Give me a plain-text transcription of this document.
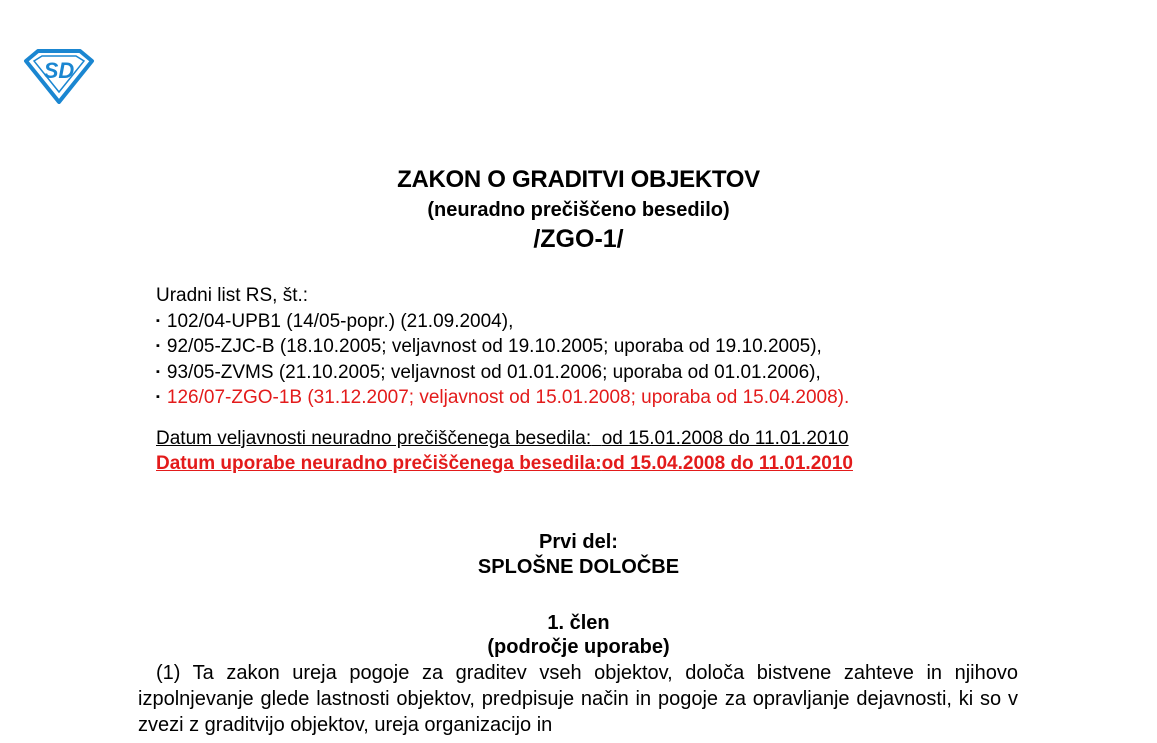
SD
ZAKON O GRADITVI OBJEKTOV
(neuradno prečiščeno besedilo)
/ZGO-1/
Uradni list RS, št.:
▪ 102/04-UPB1 (14/05-popr.) (21.09.2004),
▪ 92/05-ZJC-B (18.10.2005; veljavnost od 19.10.2005; uporaba od 19.10.2005),
▪ 93/05-ZVMS (21.10.2005; veljavnost od 01.01.2006; uporaba od 01.01.2006),
▪ 126/07-ZGO-1B (31.12.2007; veljavnost od 15.01.2008; uporaba od 15.04.2008).
Datum veljavnosti neuradno prečiščenega besedila: od 15.01.2008 do 11.01.2010
Datum uporabe neuradno prečiščenega besedila:od 15.04.2008 do 11.01.2010
Prvi del:
SPLOŠNE DOLOČBE
1. člen
(področje uporabe)
(1) Ta zakon ureja pogoje za graditev vseh objektov, določa bistvene zahteve in njihovo izpolnjevanje glede lastnosti objektov, predpisuje način in pogoje za opravljanje dejavnosti, ki so v zvezi z graditvijo objektov, ureja organizacijo in
